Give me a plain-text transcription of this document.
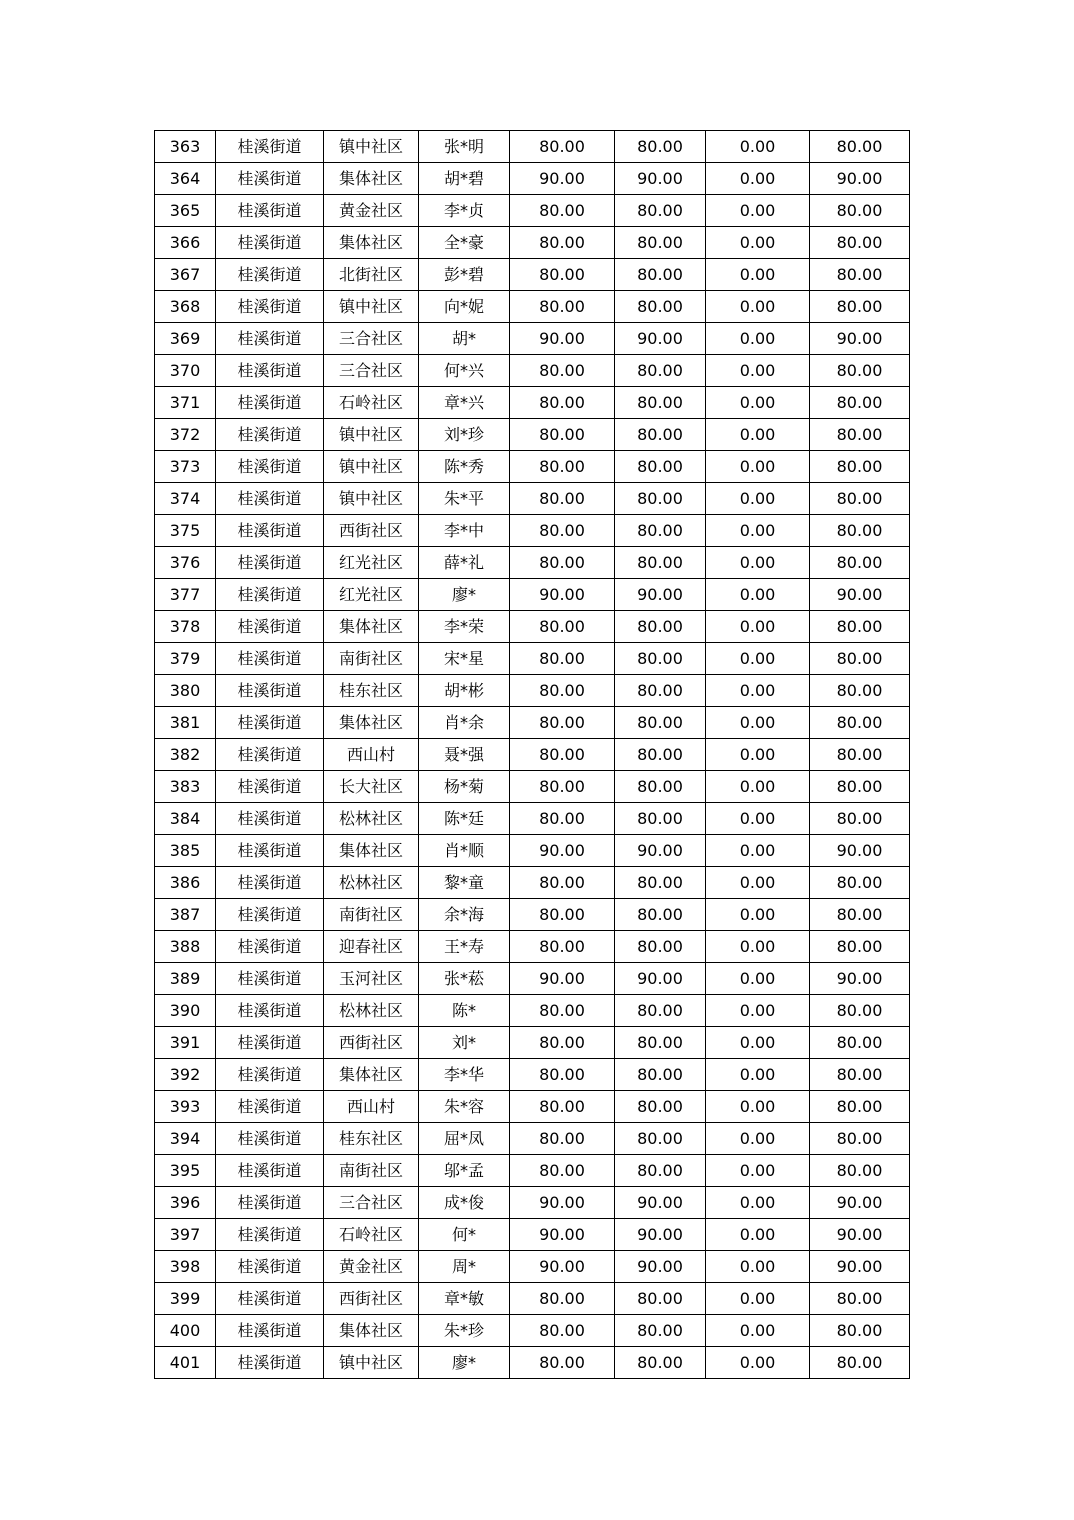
363	桂溪街道	镇中社区	张*明	80.00	80.00	0.00	80.00
364	桂溪街道	集体社区	胡*碧	90.00	90.00	0.00	90.00
365	桂溪街道	黄金社区	李*贞	80.00	80.00	0.00	80.00
366	桂溪街道	集体社区	全*豪	80.00	80.00	0.00	80.00
367	桂溪街道	北街社区	彭*碧	80.00	80.00	0.00	80.00
368	桂溪街道	镇中社区	向*妮	80.00	80.00	0.00	80.00
369	桂溪街道	三合社区	胡*	90.00	90.00	0.00	90.00
370	桂溪街道	三合社区	何*兴	80.00	80.00	0.00	80.00
371	桂溪街道	石岭社区	章*兴	80.00	80.00	0.00	80.00
372	桂溪街道	镇中社区	刘*珍	80.00	80.00	0.00	80.00
373	桂溪街道	镇中社区	陈*秀	80.00	80.00	0.00	80.00
374	桂溪街道	镇中社区	朱*平	80.00	80.00	0.00	80.00
375	桂溪街道	西街社区	李*中	80.00	80.00	0.00	80.00
376	桂溪街道	红光社区	薛*礼	80.00	80.00	0.00	80.00
377	桂溪街道	红光社区	廖*	90.00	90.00	0.00	90.00
378	桂溪街道	集体社区	李*荣	80.00	80.00	0.00	80.00
379	桂溪街道	南街社区	宋*星	80.00	80.00	0.00	80.00
380	桂溪街道	桂东社区	胡*彬	80.00	80.00	0.00	80.00
381	桂溪街道	集体社区	肖*余	80.00	80.00	0.00	80.00
382	桂溪街道	西山村	聂*强	80.00	80.00	0.00	80.00
383	桂溪街道	长大社区	杨*菊	80.00	80.00	0.00	80.00
384	桂溪街道	松林社区	陈*廷	80.00	80.00	0.00	80.00
385	桂溪街道	集体社区	肖*顺	90.00	90.00	0.00	90.00
386	桂溪街道	松林社区	黎*童	80.00	80.00	0.00	80.00
387	桂溪街道	南街社区	余*海	80.00	80.00	0.00	80.00
388	桂溪街道	迎春社区	王*寿	80.00	80.00	0.00	80.00
389	桂溪街道	玉河社区	张*菘	90.00	90.00	0.00	90.00
390	桂溪街道	松林社区	陈*	80.00	80.00	0.00	80.00
391	桂溪街道	西街社区	刘*	80.00	80.00	0.00	80.00
392	桂溪街道	集体社区	李*华	80.00	80.00	0.00	80.00
393	桂溪街道	西山村	朱*容	80.00	80.00	0.00	80.00
394	桂溪街道	桂东社区	屈*凤	80.00	80.00	0.00	80.00
395	桂溪街道	南街社区	邬*孟	80.00	80.00	0.00	80.00
396	桂溪街道	三合社区	成*俊	90.00	90.00	0.00	90.00
397	桂溪街道	石岭社区	何*	90.00	90.00	0.00	90.00
398	桂溪街道	黄金社区	周*	90.00	90.00	0.00	90.00
399	桂溪街道	西街社区	章*敏	80.00	80.00	0.00	80.00
400	桂溪街道	集体社区	朱*珍	80.00	80.00	0.00	80.00
401	桂溪街道	镇中社区	廖*	80.00	80.00	0.00	80.00
